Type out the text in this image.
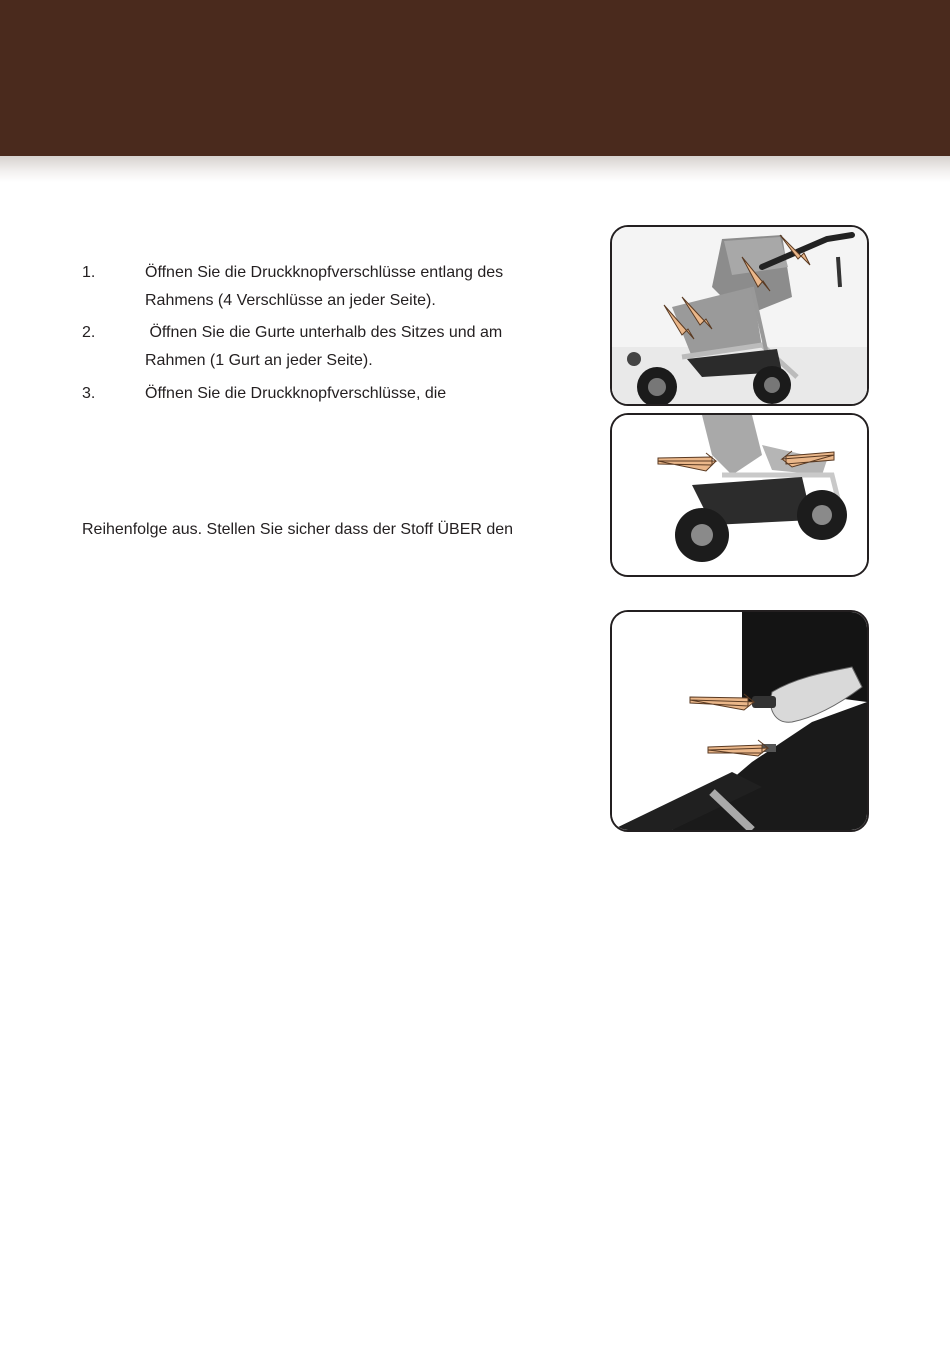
1.	Öffnen Sie die Druckknopfverschlüsse entlang des
Rahmens (4 Verschlüsse an jeder Seite).
2.	Öffnen Sie die Gurte unterhalb des Sitzes und am
Rahmen (1 Gurt an jeder Seite).
3.	Öffnen Sie die Druckknopfverschlüsse, die
Reihenfolge aus. Stellen Sie sicher dass der Stoff ÜBER den
